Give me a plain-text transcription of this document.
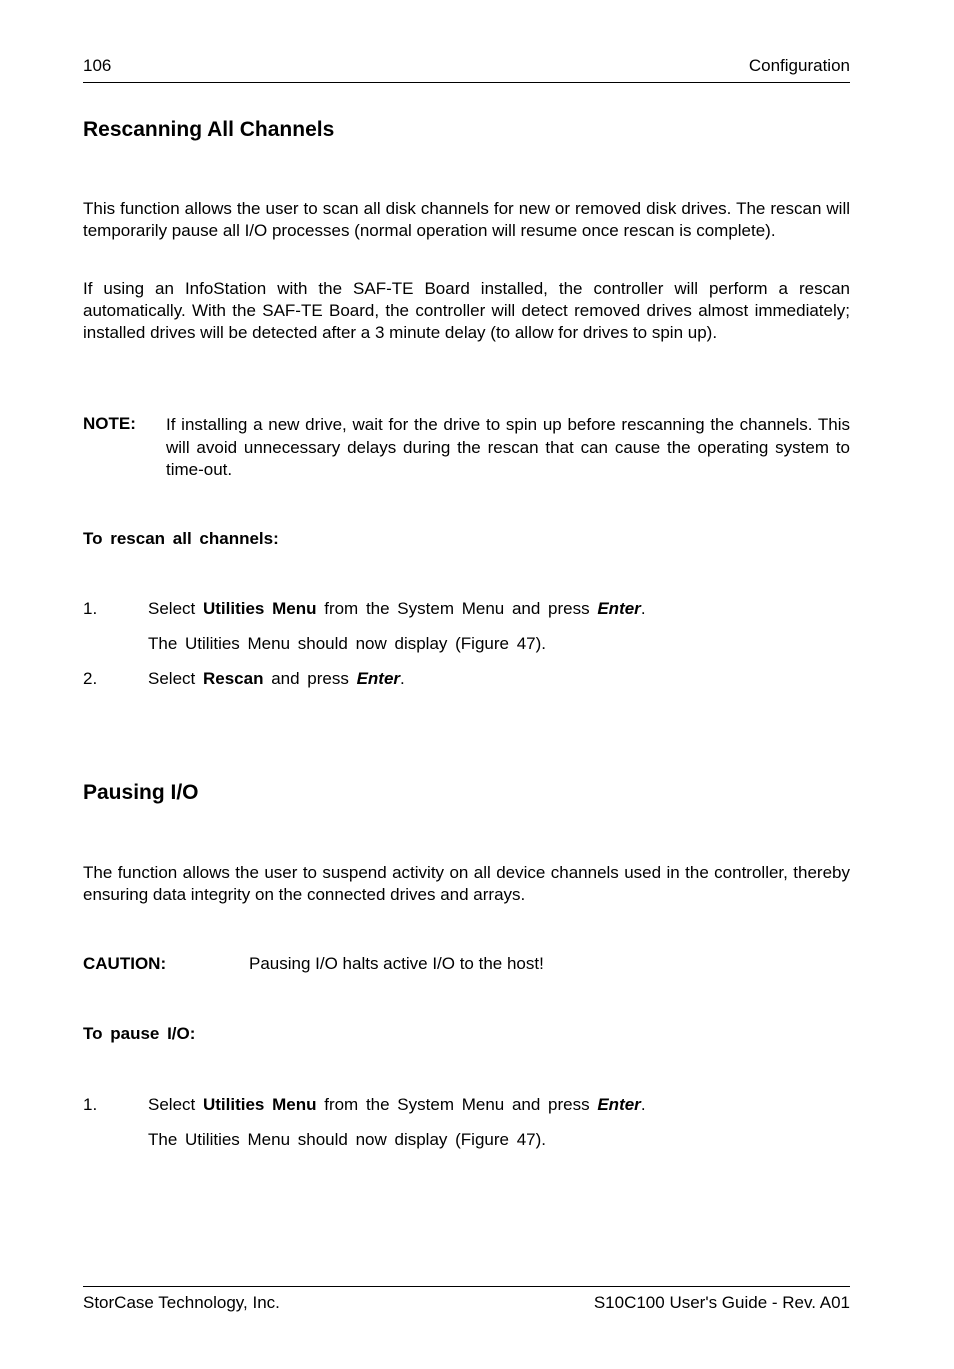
106	Configuration
Rescanning All Channels
This function allows the user to scan all disk channels for new or removed disk drives. The rescan will temporarily pause all I/O processes (normal operation will resume once rescan is complete).
If using an InfoStation with the SAF-TE Board installed, the controller will perform a rescan automatically. With the SAF-TE Board, the controller will detect removed drives almost immediately; installed drives will be detected after a 3 minute delay (to allow for drives to spin up).
NOTE: If installing a new drive, wait for the drive to spin up before rescanning the channels. This will avoid unnecessary delays during the rescan that can cause the operating system to time-out.
To rescan all channels:
1.	Select Utilities Menu from the System Menu and press Enter.
The Utilities Menu should now display (Figure 47).
2.	Select Rescan and press Enter.
Pausing I/O
The function allows the user to suspend activity on all device channels used in the controller, thereby ensuring data integrity on the connected drives and arrays.
CAUTION:	Pausing I/O halts active I/O to the host!
To pause I/O:
1.	Select Utilities Menu from the System Menu and press Enter.
The Utilities Menu should now display (Figure 47).
StorCase Technology, Inc.	S10C100 User's Guide - Rev. A01
